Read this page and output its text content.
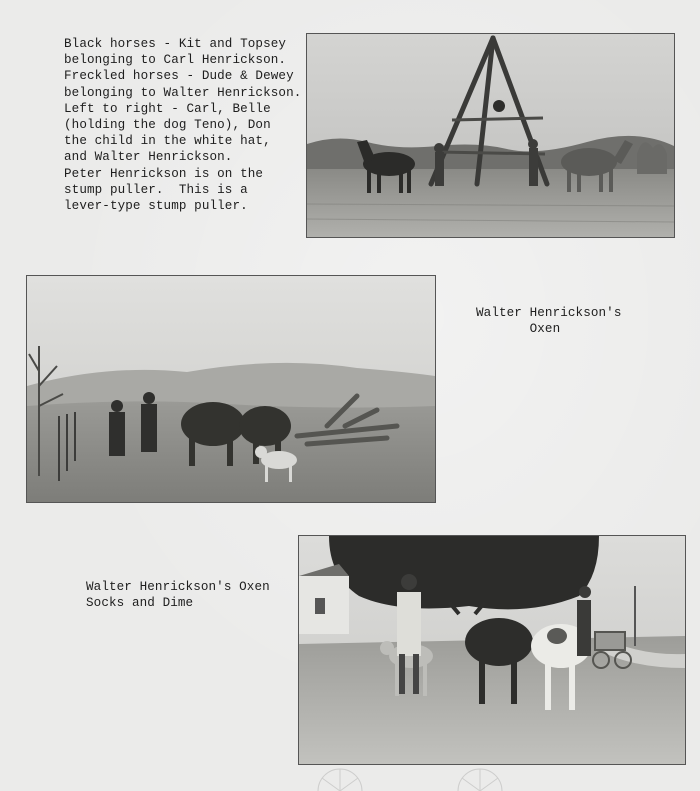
Black horses - Kit and Topsey
belonging to Carl Henrickson.
Freckled horses - Dude & Dewey
belonging to Walter Henrickson.
Left to right - Carl, Belle
(holding the dog Teno), Don
the child in the white hat,
and Walter Henrickson.
Peter Henrickson is on the
stump puller.  This is a
lever-type stump puller.
Walter Henrickson's
Oxen
Walter Henrickson's Oxen
Socks and Dime
